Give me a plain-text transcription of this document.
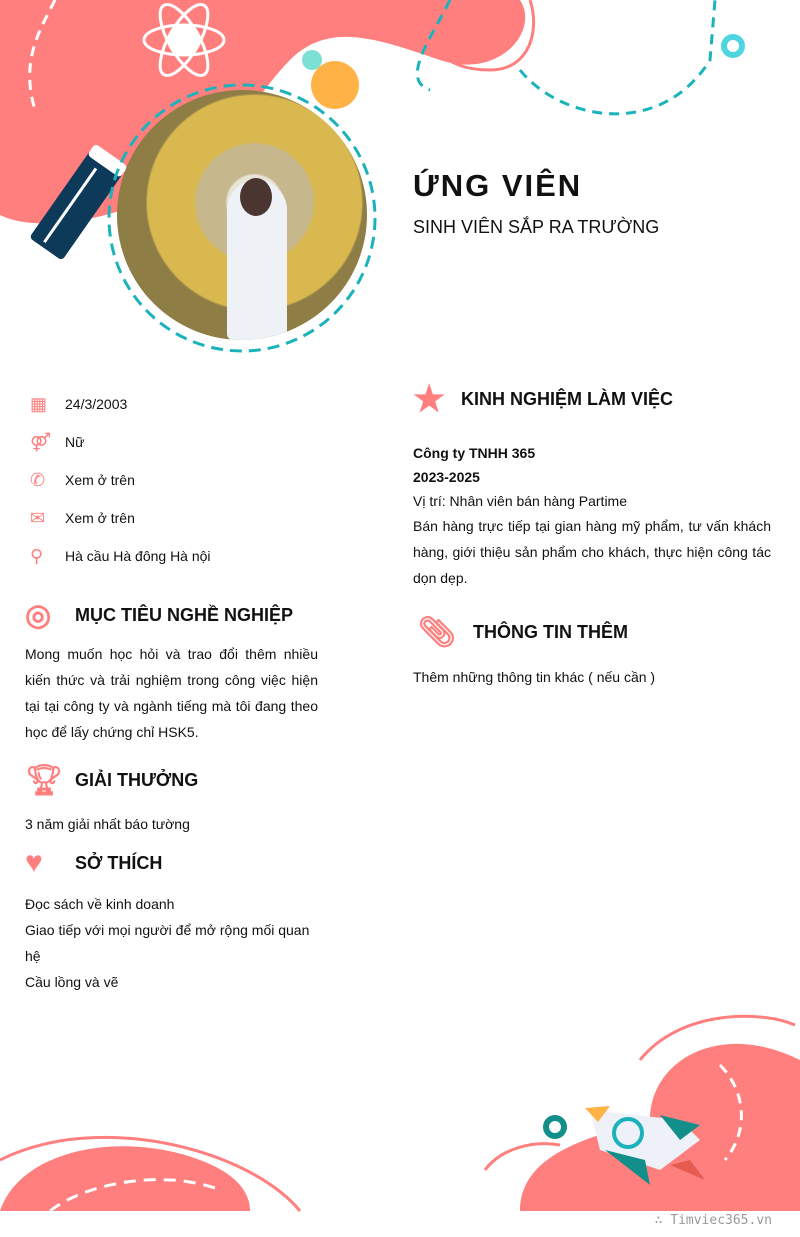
ỨNG VIÊN
SINH VIÊN SẮP RA TRƯỜNG
▦	24/3/2003
⚤ Nữ
✆	Xem ở trên
✉	Xem ở trên
⚲	Hà cầu Hà đông Hà nội
◎	MỤC TIÊU NGHỀ NGHIỆP
Mong muốn học hỏi và trao đổi thêm nhiều kiến thức và trải nghiệm trong công việc hiện tại tại công ty và ngành tiếng mà tôi đang theo học để lấy chứng chỉ HSK5.
🏆︎ GIẢI THƯỞNG
3 năm giải nhất báo tường
♥	SỞ THÍCH
Đọc sách về kinh doanh
Giao tiếp với mọi người để mở rộng mối quan hệ
Cầu lồng và vẽ
★ KINH NGHIỆM LÀM VIỆC
Công ty TNHH 365
2023-2025
Vị trí: Nhân viên bán hàng Partime
Bán hàng trực tiếp tại gian hàng mỹ phẩm, tư vấn khách hàng, giới thiệu sản phẩm cho khách, thực hiện công tác dọn dẹp.
📎︎ THÔNG TIN THÊM
Thêm những thông tin khác ( nếu cần )
∴ Timviec365.vn
